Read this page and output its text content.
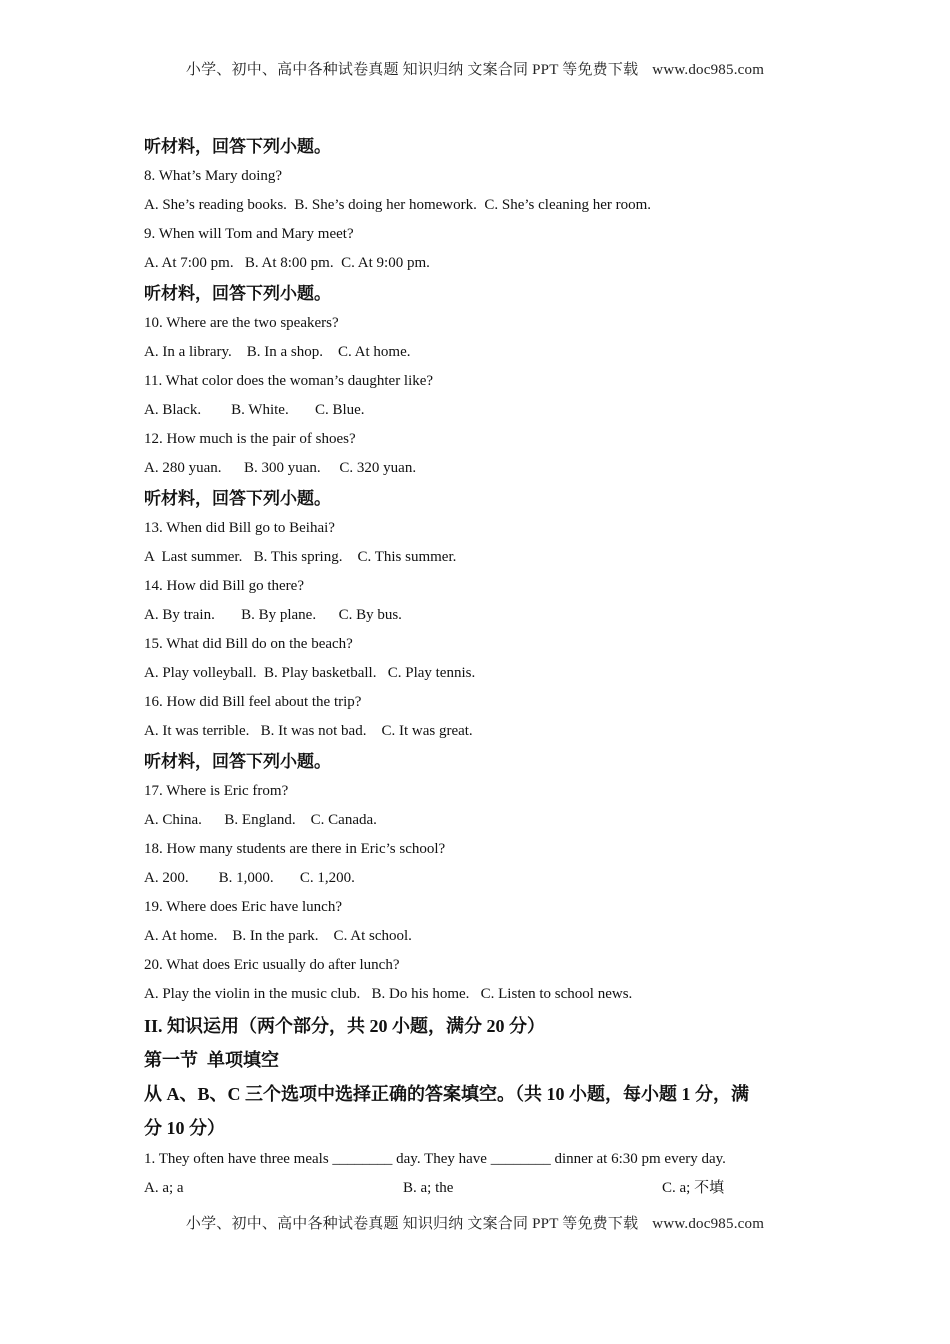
小学、初中、高中各种试卷真题 知识归纳 文案合同 PPT 等免费下载 www.doc985.com
听材料，回答下列小题。
8. What’s Mary doing?
A. She’s reading books.  B. She’s doing her homework.  C. She’s cleaning her room.
9. When will Tom and Mary meet?
A. At 7:00 pm.   B. At 8:00 pm.  C. At 9:00 pm.
听材料，回答下列小题。
10. Where are the two speakers?
A. In a library.    B. In a shop.    C. At home.
11. What color does the woman’s daughter like?
A. Black.        B. White.       C. Blue.
12. How much is the pair of shoes?
A. 280 yuan.      B. 300 yuan.     C. 320 yuan.
听材料，回答下列小题。
13. When did Bill go to Beihai?
A  Last summer.   B. This spring.    C. This summer.
14. How did Bill go there?
A. By train.       B. By plane.      C. By bus.
15. What did Bill do on the beach?
A. Play volleyball.  B. Play basketball.   C. Play tennis.
16. How did Bill feel about the trip?
A. It was terrible.   B. It was not bad.    C. It was great.
听材料，回答下列小题。
17. Where is Eric from?
A. China.      B. England.    C. Canada.
18. How many students are there in Eric’s school?
A. 200.        B. 1,000.       C. 1,200.
19. Where does Eric have lunch?
A. At home.    B. In the park.    C. At school.
20. What does Eric usually do after lunch?
A. Play the violin in the music club.   B. Do his home.   C. Listen to school news.
II. 知识运用（两个部分，共 20 小题，满分 20 分）
第一节  单项填空
从 A、B、C 三个选项中选择正确的答案填空。（共 10 小题，每小题 1 分，满
分 10 分）
1. They often have three meals ________ day. They have ________ dinner at 6:30 pm every day.
A. a; a	B. a; the	C. a; 不填
小学、初中、高中各种试卷真题 知识归纳 文案合同 PPT 等免费下载 www.doc985.com
